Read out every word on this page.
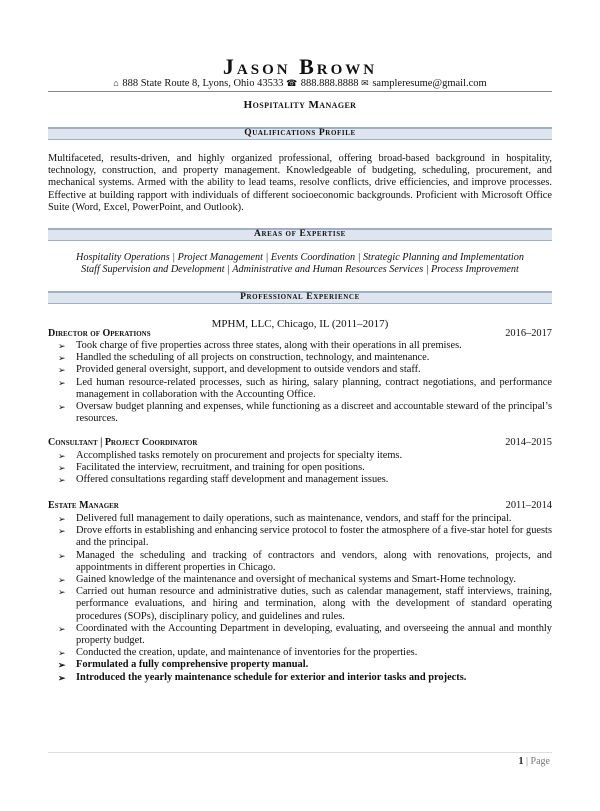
Jason Brown
⌂ 888 State Route 8, Lyons, Ohio 43533 ☎ 888.888.8888 ✉ sampleresume@gmail.com
Hospitality Manager
Qualifications Profile
Multifaceted, results-driven, and highly organized professional, offering broad-based background in hospitality, technology, construction, and property management. Knowledgeable of budgeting, scheduling, procurement, and mechanical systems. Armed with the ability to lead teams, resolve conflicts, drive efficiencies, and improve processes. Effective at building rapport with individuals of different socioeconomic backgrounds. Proficient with Microsoft Office Suite (Word, Excel, PowerPoint, and Outlook).
Areas of Expertise
Hospitality Operations | Project Management | Events Coordination | Strategic Planning and Implementation
Staff Supervision and Development | Administrative and Human Resources Services | Process Improvement
Professional Experience
MPHM, LLC, Chicago, IL (2011–2017)
Director of Operations	2016–2017
➢ Took charge of five properties across three states, along with their operations in all premises.
➢ Handled the scheduling of all projects on construction, technology, and maintenance.
➢ Provided general oversight, support, and development to outside vendors and staff.
➢ Led human resource-related processes, such as hiring, salary planning, contract negotiations, and performance management in collaboration with the Accounting Office.
➢ Oversaw budget planning and expenses, while functioning as a discreet and accountable steward of the principal’s resources.
Consultant | Project Coordinator	2014–2015
➢ Accomplished tasks remotely on procurement and projects for specialty items.
➢ Facilitated the interview, recruitment, and training for open positions.
➢ Offered consultations regarding staff development and management issues.
Estate Manager	2011–2014
➢ Delivered full management to daily operations, such as maintenance, vendors, and staff for the principal.
➢ Drove efforts in establishing and enhancing service protocol to foster the atmosphere of a five-star hotel for guests and the principal.
➢ Managed the scheduling and tracking of contractors and vendors, along with renovations, projects, and appointments in different properties in Chicago.
➢ Gained knowledge of the maintenance and oversight of mechanical systems and Smart-Home technology.
➢ Carried out human resource and administrative duties, such as calendar management, staff interviews, training, performance evaluations, and hiring and termination, along with the development of standard operating procedures (SOPs), disciplinary policy, and guidelines and rules.
➢ Coordinated with the Accounting Department in developing, evaluating, and overseeing the annual and monthly property budget.
➢ Conducted the creation, update, and maintenance of inventories for the properties.
➢ Formulated a fully comprehensive property manual.
➢ Introduced the yearly maintenance schedule for exterior and interior tasks and projects.
1 | Page
